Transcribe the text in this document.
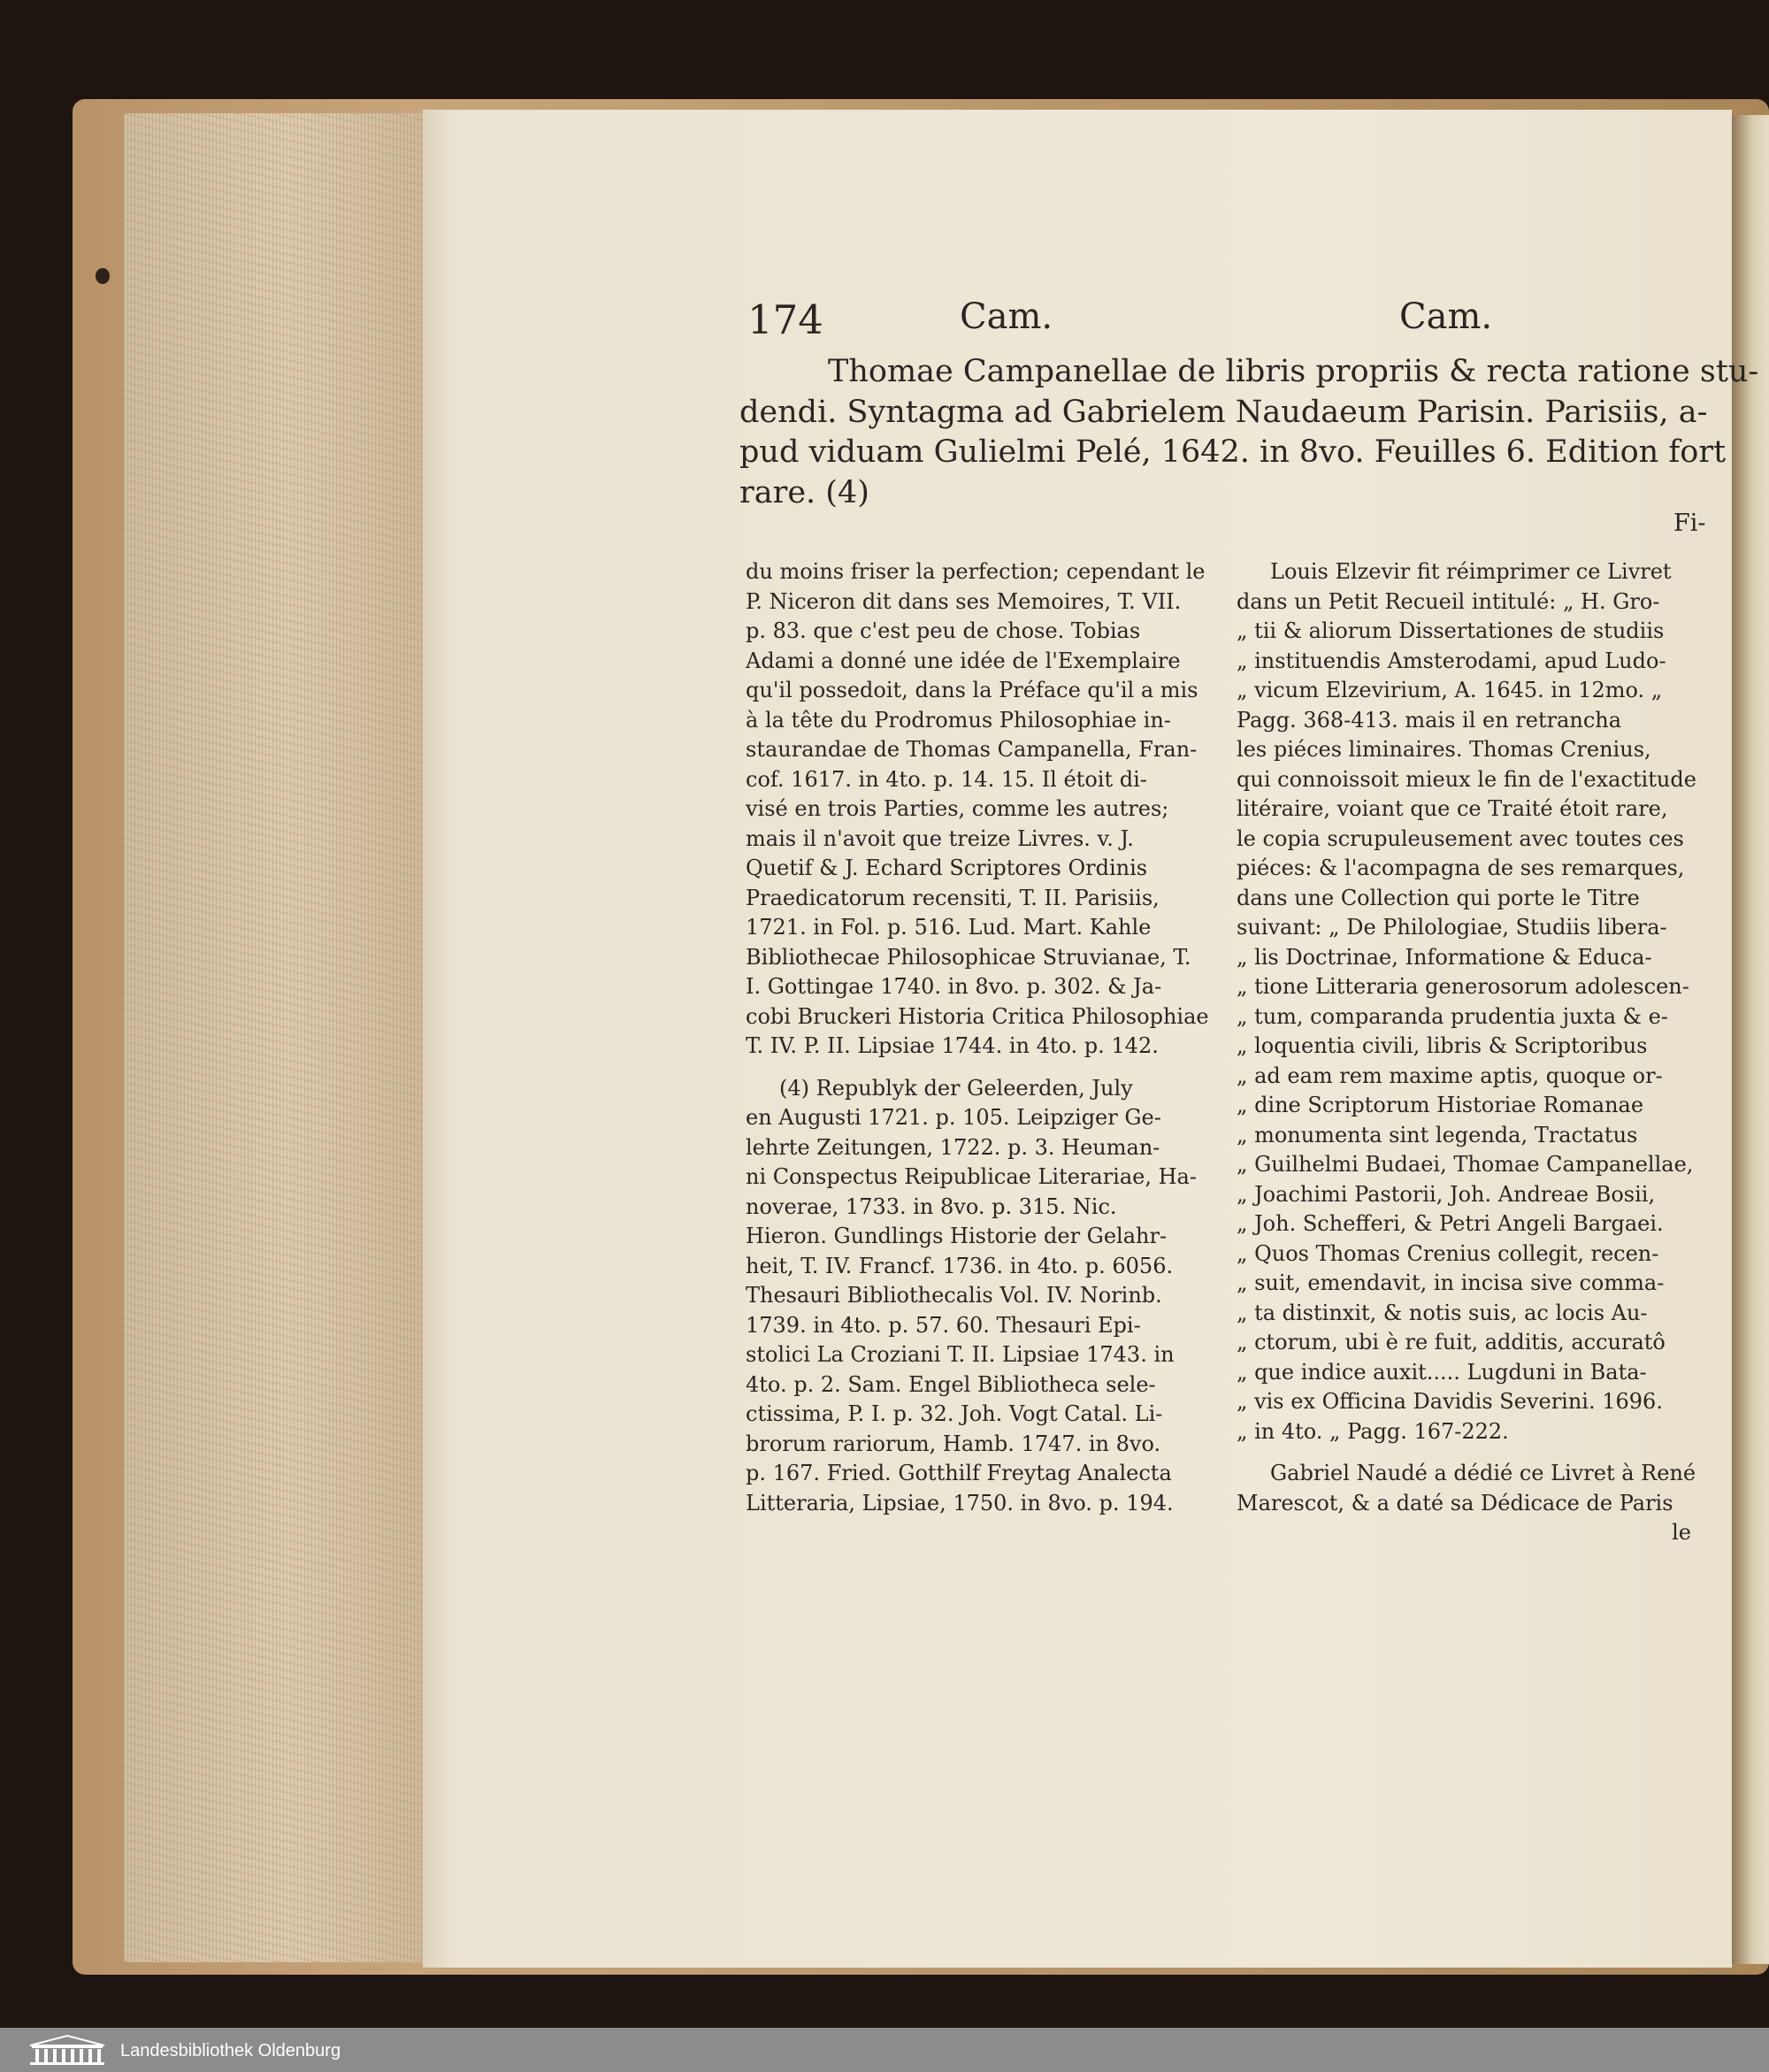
174	Cam.	Cam.
Thomae Campanellae de libris propriis & recta ratione stu-
dendi. Syntagma ad Gabrielem Naudaeum Parisin. Parisiis, a-
pud viduam Gulielmi Pelé, 1642. in 8vo. Feuilles 6. Edition fort
rare. (4)
Fi-
du moins friser la perfection; cependant le
P. Niceron dit dans ses Memoires, T. VII.
p. 83. que c'est peu de chose. Tobias
Adami a donné une idée de l'Exemplaire
qu'il possedoit, dans la Préface qu'il a mis
à la tête du Prodromus Philosophiae in-
staurandae de Thomas Campanella, Fran-
cof. 1617. in 4to. p. 14. 15. Il étoit di-
visé en trois Parties, comme les autres;
mais il n'avoit que treize Livres. v. J.
Quetif & J. Echard Scriptores Ordinis
Praedicatorum recensiti, T. II. Parisiis,
1721. in Fol. p. 516. Lud. Mart. Kahle
Bibliothecae Philosophicae Struvianae, T.
I. Gottingae 1740. in 8vo. p. 302. & Ja-
cobi Bruckeri Historia Critica Philosophiae
T. IV. P. II. Lipsiae 1744. in 4to. p. 142.
(4) Republyk der Geleerden, July
en Augusti 1721. p. 105. Leipziger Ge-
lehrte Zeitungen, 1722. p. 3. Heuman-
ni Conspectus Reipublicae Literariae, Ha-
noverae, 1733. in 8vo. p. 315. Nic.
Hieron. Gundlings Historie der Gelahr-
heit, T. IV. Francf. 1736. in 4to. p. 6056.
Thesauri Bibliothecalis Vol. IV. Norinb.
1739. in 4to. p. 57. 60. Thesauri Epi-
stolici La Croziani T. II. Lipsiae 1743. in
4to. p. 2. Sam. Engel Bibliotheca sele-
ctissima, P. I. p. 32. Joh. Vogt Catal. Li-
brorum rariorum, Hamb. 1747. in 8vo.
p. 167. Fried. Gotthilf Freytag Analecta
Litteraria, Lipsiae, 1750. in 8vo. p. 194.
Louis Elzevir fit réimprimer ce Livret
dans un Petit Recueil intitulé: „ H. Gro-
„ tii & aliorum Dissertationes de studiis
„ instituendis Amsterodami, apud Ludo-
„ vicum Elzevirium, A. 1645. in 12mo. „
Pagg. 368-413. mais il en retrancha
les piéces liminaires. Thomas Crenius,
qui connoissoit mieux le fin de l'exactitude
litéraire, voiant que ce Traité étoit rare,
le copia scrupuleusement avec toutes ces
piéces: & l'acompagna de ses remarques,
dans une Collection qui porte le Titre
suivant: „ De Philologiae, Studiis libera-
„ lis Doctrinae, Informatione & Educa-
„ tione Litteraria generosorum adolescen-
„ tum, comparanda prudentia juxta & e-
„ loquentia civili, libris & Scriptoribus
„ ad eam rem maxime aptis, quoque or-
„ dine Scriptorum Historiae Romanae
„ monumenta sint legenda, Tractatus
„ Guilhelmi Budaei, Thomae Campanellae,
„ Joachimi Pastorii, Joh. Andreae Bosii,
„ Joh. Schefferi, & Petri Angeli Bargaei.
„ Quos Thomas Crenius collegit, recen-
„ suit, emendavit, in incisa sive comma-
„ ta distinxit, & notis suis, ac locis Au-
„ ctorum, ubi è re fuit, additis, accuratô
„ que indice auxit..... Lugduni in Bata-
„ vis ex Officina Davidis Severini. 1696.
„ in 4to. „ Pagg. 167-222.
Gabriel Naudé a dédié ce Livret à René
Marescot, & a daté sa Dédicace de Paris
le
Landesbibliothek Oldenburg
